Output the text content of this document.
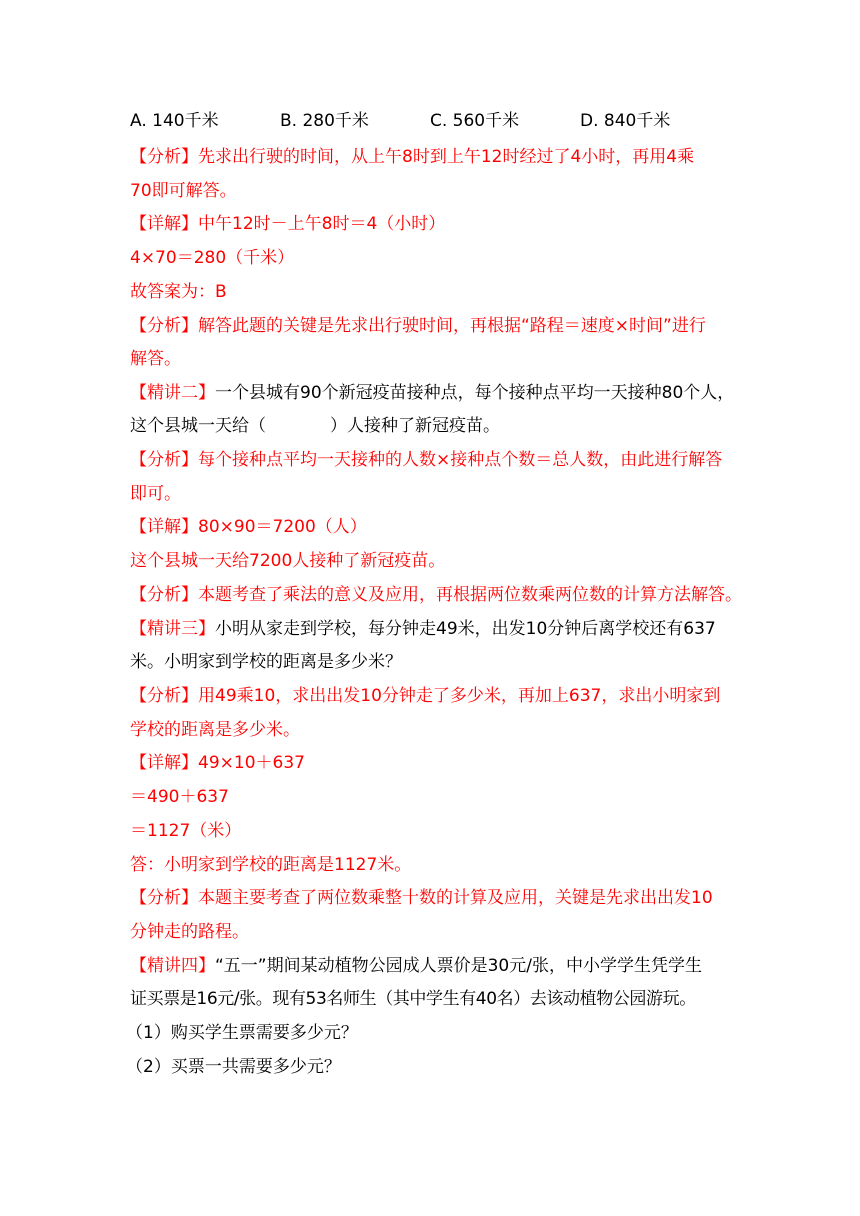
A. 140千米	B. 280千米	C. 560千米	D. 840千米
【分析】先求出行驶的时间，从上午8时到上午12时经过了4小时，再用4乘
70即可解答。
【详解】中午12时－上午8时＝4（小时）
4×70＝280（千米）
故答案为：B
【分析】解答此题的关键是先求出行驶时间，再根据“路程＝速度×时间”进行
解答。
【精讲二】一个县城有90个新冠疫苗接种点，每个接种点平均一天接种80个人，
这个县城一天给（	）人接种了新冠疫苗。
【分析】每个接种点平均一天接种的人数×接种点个数＝总人数，由此进行解答
即可。
【详解】80×90＝7200（人）
这个县城一天给7200人接种了新冠疫苗。
【分析】本题考查了乘法的意义及应用，再根据两位数乘两位数的计算方法解答。
【精讲三】小明从家走到学校，每分钟走49米，出发10分钟后离学校还有637
米。小明家到学校的距离是多少米？
【分析】用49乘10，求出出发10分钟走了多少米，再加上637，求出小明家到
学校的距离是多少米。
【详解】49×10＋637
＝490＋637
＝1127（米）
答：小明家到学校的距离是1127米。
【分析】本题主要考查了两位数乘整十数的计算及应用，关键是先求出出发10
分钟走的路程。
【精讲四】“五一”期间某动植物公园成人票价是30元/张，中小学学生凭学生
证买票是16元/张。现有53名师生（其中学生有40名）去该动植物公园游玩。
（1）购买学生票需要多少元？
（2）买票一共需要多少元？
